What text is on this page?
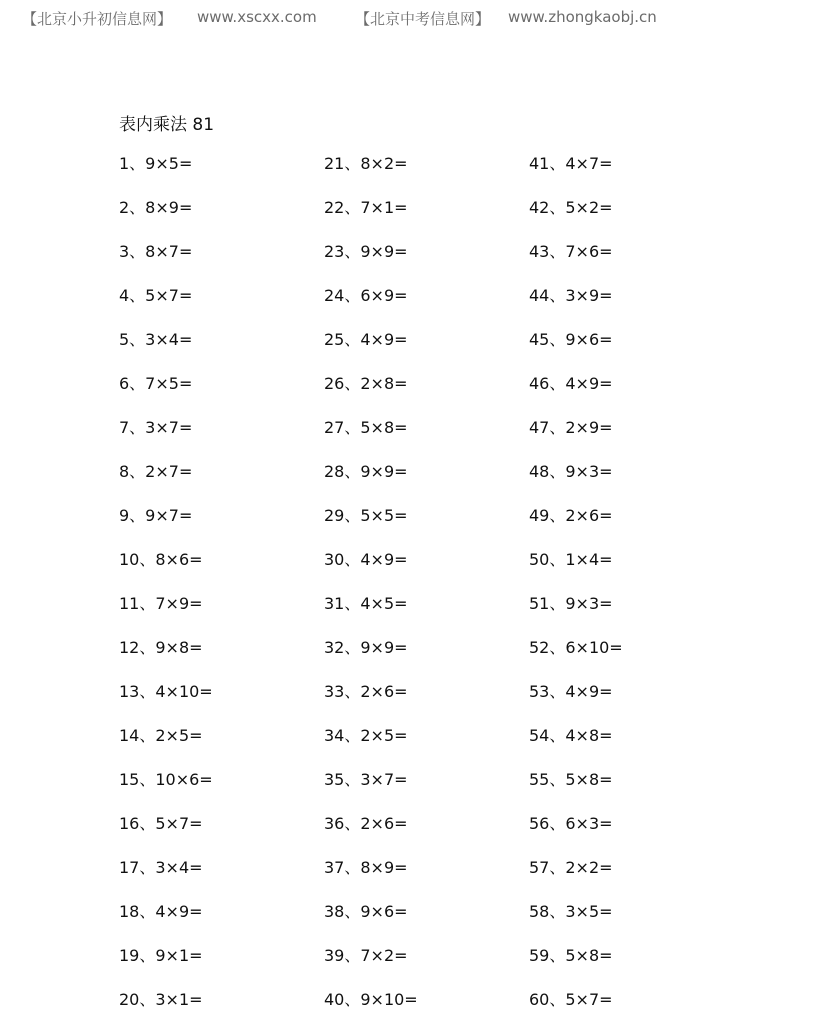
【北京小升初信息网】 www.xscxx.com	【北京中考信息网】 www.zhongkaobj.cn
表内乘法 81
1、9×5=
2、8×9=
3、8×7=
4、5×7=
5、3×4=
6、7×5=
7、3×7=
8、2×7=
9、9×7=
10、8×6=
11、7×9=
12、9×8=
13、4×10=
14、2×5=
15、10×6=
16、5×7=
17、3×4=
18、4×9=
19、9×1=
20、3×1=
21、8×2=
22、7×1=
23、9×9=
24、6×9=
25、4×9=
26、2×8=
27、5×8=
28、9×9=
29、5×5=
30、4×9=
31、4×5=
32、9×9=
33、2×6=
34、2×5=
35、3×7=
36、2×6=
37、8×9=
38、9×6=
39、7×2=
40、9×10=
41、4×7=
42、5×2=
43、7×6=
44、3×9=
45、9×6=
46、4×9=
47、2×9=
48、9×3=
49、2×6=
50、1×4=
51、9×3=
52、6×10=
53、4×9=
54、4×8=
55、5×8=
56、6×3=
57、2×2=
58、3×5=
59、5×8=
60、5×7=
